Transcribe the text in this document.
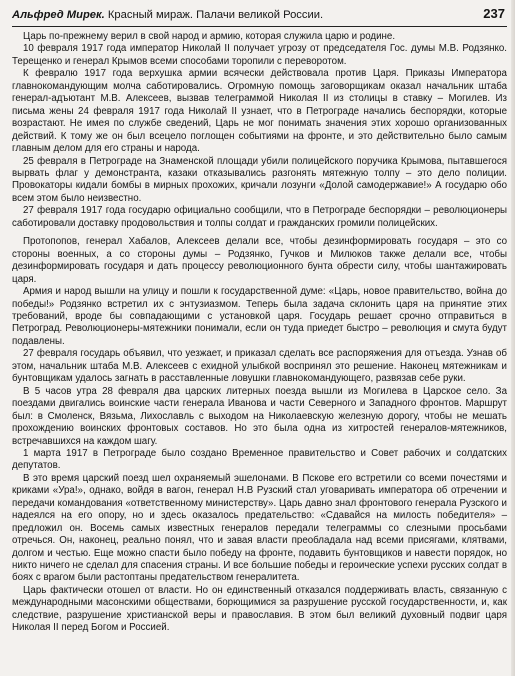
Альфред Мирек. Красный мираж. Палачи великой России.	237

Царь по-прежнему верил в свой народ и армию, которая служила царю и родине.

10 февраля 1917 года император Николай II получает угрозу от председателя Гос. думы М.В. Родзянко. Терещенко и генерал Крымов всеми способами торопили с переворотом.

К февралю 1917 года верхушка армии всячески действовала против Царя. Приказы Императора главнокомандующим молча саботировались. Огромную помощь заговорщикам оказал начальник штаба генерал-адъютант М.В. Алексеев, вызвав телеграммой Николая II из столицы в ставку – Могилев. Из письма жены 24 февраля 1917 года Николай II узнает, что в Петрограде начались беспорядки, которые возрастают. Не имея по службе сведений, Царь не мог понимать значения этих хорошо организованных действий. К тому же он был всецело поглощен событиями на фронте, и это действительно было самым главным делом для его страны и народа.

25 февраля в Петрограде на Знаменской площади убили полицейского поручика Крымова, пытавшегося вырвать флаг у демонстранта, казаки отказывались разгонять мятежную толпу – это дело полиции. Провокаторы кидали бомбы в мирных прохожих, кричали лозунги «Долой самодержавие!» А государю обо всем этом было неизвестно.

27 февраля 1917 года государю официально сообщили, что в Петрограде беспорядки – революционеры саботировали доставку продовольствия и толпы солдат и гражданских громили полицейских.

Протопопов, генерал Хабалов, Алексеев делали все, чтобы дезинформировать государя – это со стороны военных, а со стороны думы – Родзянко, Гучков и Милюков также делали все, чтобы дезинформировать государя и дать процессу революционного бунта обрести силу, чтобы шантажировать царя.

Армия и народ вышли на улицу и пошли к государственной думе: «Царь, новое правительство, война до победы!» Родзянко встретил их с энтузиазмом. Теперь была задача склонить царя на принятие этих требований, вроде бы совпадающими с установкой царя. Государь решает срочно отправиться в Петроград. Революционеры-мятежники понимали, если он туда приедет быстро – революция и смута будут подавлены.

27 февраля государь объявил, что уезжает, и приказал сделать все распоряжения для отъезда. Узнав об этом, начальник штаба М.В. Алексеев с ехидной улыбкой воспринял это решение. Наконец мятежникам и бунтовщикам удалось загнать в расставленные ловушки главнокомандующего, развязав себе руки.

В 5 часов утра 28 февраля два царских литерных поезда вышли из Могилева в Царское село. За поездами двигались воинские части генерала Иванова и части Северного и Западного фронтов. Маршрут был: в Смоленск, Вязьма, Лихославль с выходом на Николаевскую железную дорогу, чтобы не мешать прохождению воинских фронтовых составов. Но это была одна из хитростей генералов-мятежников, встречавшихся на каждом шагу.

1 марта 1917 в Петрограде было создано Временное правительство и Совет рабочих и солдатских депутатов.

В это время царский поезд шел охраняемый эшелонами. В Пскове его встретили со всеми почестями и криками «Ура!», однако, войдя в вагон, генерал Н.В Рузский стал уговаривать императора об отречении и передачи командования «ответственному министерству». Царь давно знал фронтового генерала Рузского и надеялся на его опору, но и здесь оказалось предательство: «Сдавайся на милость победителя» – предложил он. Восемь самых известных генералов передали телеграммы со слезными просьбами отречься. Он, наконец, реально понял, что и завая власти преобладала над всеми присягами, клятвами, долгом и честью. Еще можно спасти было победу на фронте, подавить бунтовщиков и навести порядок, но никто ничего не сделал для спасения страны. И все большие победы и героические успехи русских солдат в боях с врагом были растоптаны предательством генералитета.

Царь фактически отошел от власти. Но он единственный отказался поддерживать власть, связанную с международными масонскими обществами, борющимися за разрушение русской государственности, и, как следствие, разрушение христианской веры и православия. В этом был великий духовный подвиг царя Николая II перед Богом и Россией.
